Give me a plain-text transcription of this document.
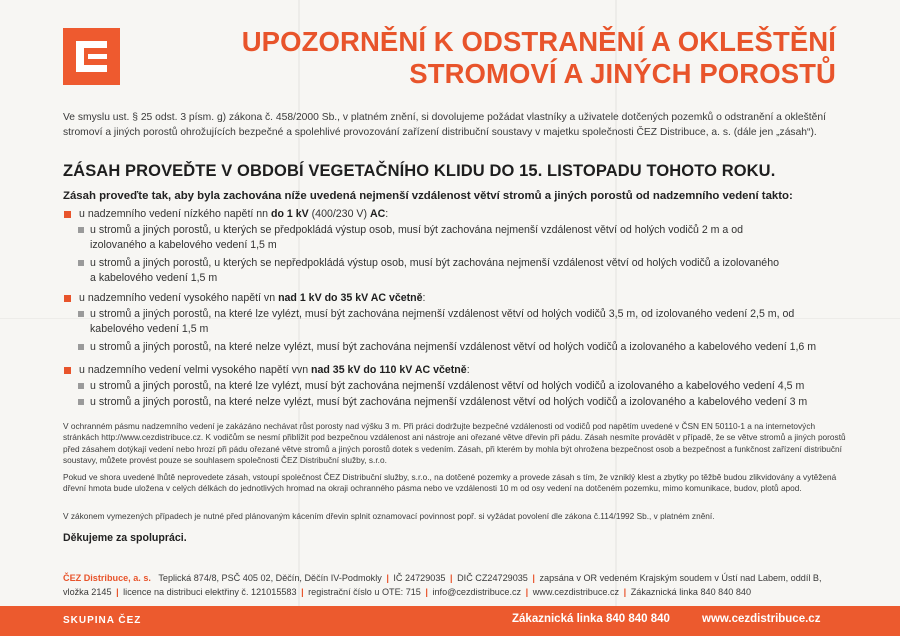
UPOZORNĚNÍ K ODSTRANĚNÍ A OKLEŠTĚNÍ
STROMOVÍ A JINÝCH POROSTŮ
Ve smyslu ust. § 25 odst. 3 písm. g) zákona č. 458/2000 Sb., v platném znění, si dovolujeme požádat vlastníky a uživatele dotčených pozemků o odstranění a okleštění stromoví a jiných porostů ohrožujících bezpečné a spolehlivé provozování zařízení distribuční soustavy v majetku společnosti ČEZ Distribuce, a. s. (dále jen „zásah“).
ZÁSAH PROVEĎTE V OBDOBÍ VEGETAČNÍHO KLIDU DO 15. LISTOPADU TOHOTO ROKU.
Zásah proveďte tak, aby byla zachována níže uvedená nejmenší vzdálenost větví stromů a jiných porostů od nadzemního vedení takto:
u nadzemního vedení nízkého napětí nn do 1 kV (400/230 V) AC:
u stromů a jiných porostů, u kterých se předpokládá výstup osob, musí být zachována nejmenší vzdálenost větví od holých vodičů 2 m a od izolovaného a kabelového vedení 1,5 m
u stromů a jiných porostů, u kterých se nepředpokládá výstup osob, musí být zachována nejmenší vzdálenost větví od holých vodičů a izolovaného a kabelového vedení 1,5 m
u nadzemního vedení vysokého napětí vn nad 1 kV do 35 kV AC včetně:
u stromů a jiných porostů, na které lze vylézt, musí být zachována nejmenší vzdálenost větví od holých vodičů 3,5 m, od izolovaného vedení 2,5 m, od kabelového vedení 1,5 m
u stromů a jiných porostů, na které nelze vylézt, musí být zachována nejmenší vzdálenost větví od holých vodičů a izolovaného a kabelového vedení 1,6 m
u nadzemního vedení velmi vysokého napětí vvn nad 35 kV do 110 kV AC včetně:
u stromů a jiných porostů, na které lze vylézt, musí být zachována nejmenší vzdálenost větví od holých vodičů a izolovaného a kabelového vedení 4,5 m
u stromů a jiných porostů, na které nelze vylézt, musí být zachována nejmenší vzdálenost větví od holých vodičů a izolovaného a kabelového vedení 3 m
V ochranném pásmu nadzemního vedení je zakázáno nechávat růst porosty nad výšku 3 m. Při práci dodržujte bezpečné vzdálenosti od vodičů pod napětím uvedené v ČSN EN 50110-1 a na internetových stránkách http://www.cezdistribuce.cz. K vodičům se nesmí přiblížit pod bezpečnou vzdálenost ani nástroje ani ořezané větve dřevin při pádu. Zásah nesmíte provádět v případě, že se větve stromů a jiných porostů před zásahem dotýkají vedení nebo hrozí při pádu ořezané větve stromů a jiných porostů dotek s vedením. Zásah, při kterém by mohla být ohrožena bezpečnost osob a bezpečnost a funkčnost zařízení distribuční soustavy, můžete provést pouze se souhlasem společnosti ČEZ Distribuční služby, s.r.o.
Pokud ve shora uvedené lhůtě neprovedete zásah, vstoupí společnost ČEZ Distribuční služby, s.r.o., na dotčené pozemky a provede zásah s tím, že vzniklý klest a zbytky po těžbě budou zlikvidovány a vytěžená dřevní hmota bude uložena v celých délkách do jednotlivých hromad na okraji ochranného pásma nebo ve vzdálenosti 10 m od osy vedení na dotčeném pozemku, mimo komunikace, budov, plotů apod.
V zákonem vymezených případech je nutné před plánovaným kácením dřevin splnit oznamovací povinnost popř. si vyžádat povolení dle zákona č.114/1992 Sb., v platném znění.
Děkujeme za spolupráci.
ČEZ Distribuce, a. s. Teplická 874/8, PSČ 405 02, Děčín, Děčín IV-Podmokly | IČ 24729035 | DIČ CZ24729035 | zapsána v OR vedeném Krajským soudem v Ústí nad Labem, oddíl B,
vložka 2145 | licence na distribuci elektřiny č. 121015583 | registrační číslo u OTE: 715 | info@cezdistribuce.cz | www.cezdistribuce.cz | Zákaznická linka 840 840 840
SKUPINA ČEZ	Zákaznická linka 840 840 840	www.cezdistribuce.cz
